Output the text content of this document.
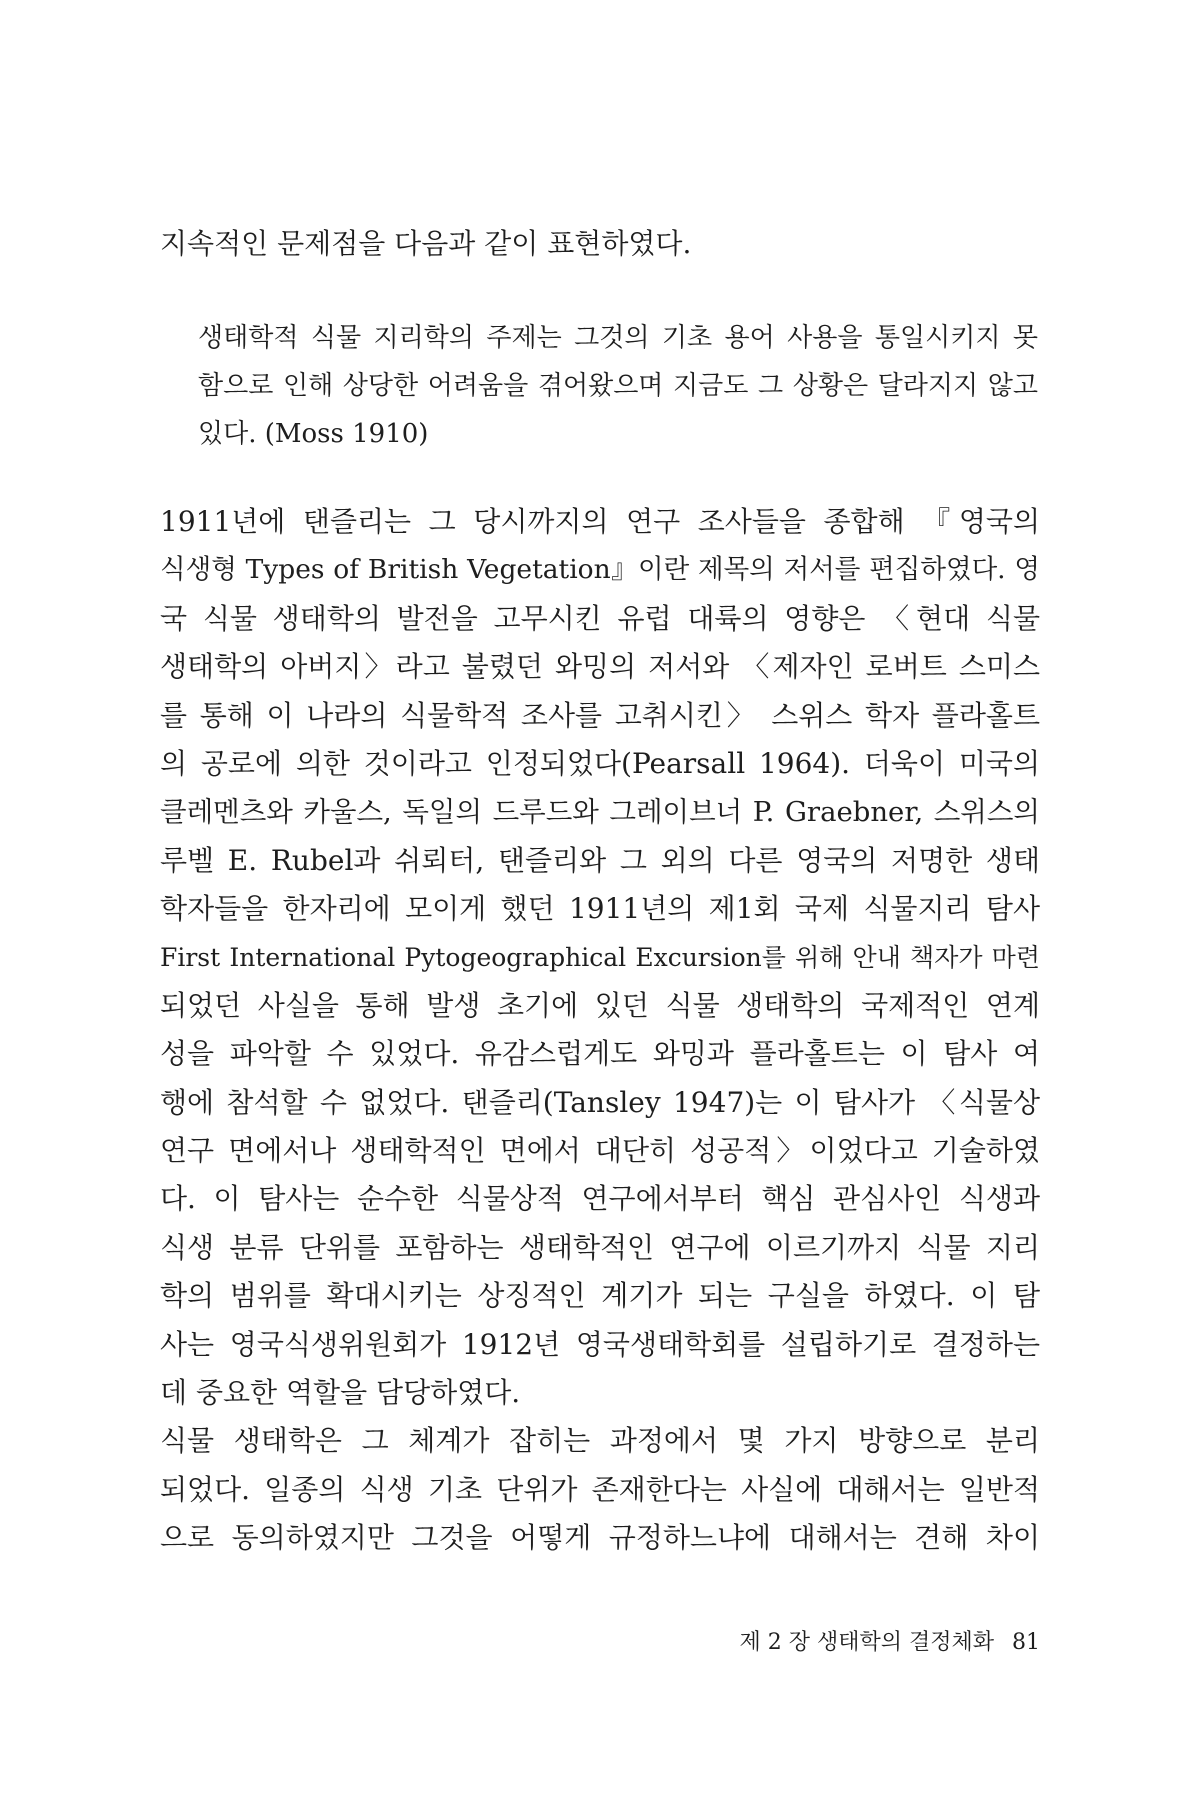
지속적인 문제점을 다음과 같이 표현하였다.
생태학적 식물 지리학의 주제는 그것의 기초 용어 사용을 통일시키지 못
함으로 인해 상당한 어려움을 겪어왔으며 지금도 그 상황은 달라지지 않고
있다. (Moss 1910)
1911년에 탠즐리는 그 당시까지의 연구 조사들을 종합해 『영국의
식생형 Types of British Vegetation』이란 제목의 저서를 편집하였다. 영
국 식물 생태학의 발전을 고무시킨 유럽 대륙의 영향은 〈현대 식물
생태학의 아버지〉라고 불렸던 와밍의 저서와 〈제자인 로버트 스미스
를 통해 이 나라의 식물학적 조사를 고취시킨〉 스위스 학자 플라홀트
의 공로에 의한 것이라고 인정되었다(Pearsall 1964). 더욱이 미국의
클레멘츠와 카울스, 독일의 드루드와 그레이브너 P. Graebner, 스위스의
루벨 E. Rubel과 쉬뢰터, 탠즐리와 그 외의 다른 영국의 저명한 생태
학자들을 한자리에 모이게 했던 1911년의 제1회 국제 식물지리 탐사
First International Pytogeographical Excursion를 위해 안내 책자가 마련
되었던 사실을 통해 발생 초기에 있던 식물 생태학의 국제적인 연계
성을 파악할 수 있었다. 유감스럽게도 와밍과 플라홀트는 이 탐사 여
행에 참석할 수 없었다. 탠즐리(Tansley 1947)는 이 탐사가 〈식물상
연구 면에서나 생태학적인 면에서 대단히 성공적〉이었다고 기술하였
다. 이 탐사는 순수한 식물상적 연구에서부터 핵심 관심사인 식생과
식생 분류 단위를 포함하는 생태학적인 연구에 이르기까지 식물 지리
학의 범위를 확대시키는 상징적인 계기가 되는 구실을 하였다. 이 탐
사는 영국식생위원회가 1912년 영국생태학회를 설립하기로 결정하는
데 중요한 역할을 담당하였다.
식물 생태학은 그 체계가 잡히는 과정에서 몇 가지 방향으로 분리
되었다. 일종의 식생 기초 단위가 존재한다는 사실에 대해서는 일반적
으로 동의하였지만 그것을 어떻게 규정하느냐에 대해서는 견해 차이
제 2 장 생태학의 결정체화 81
